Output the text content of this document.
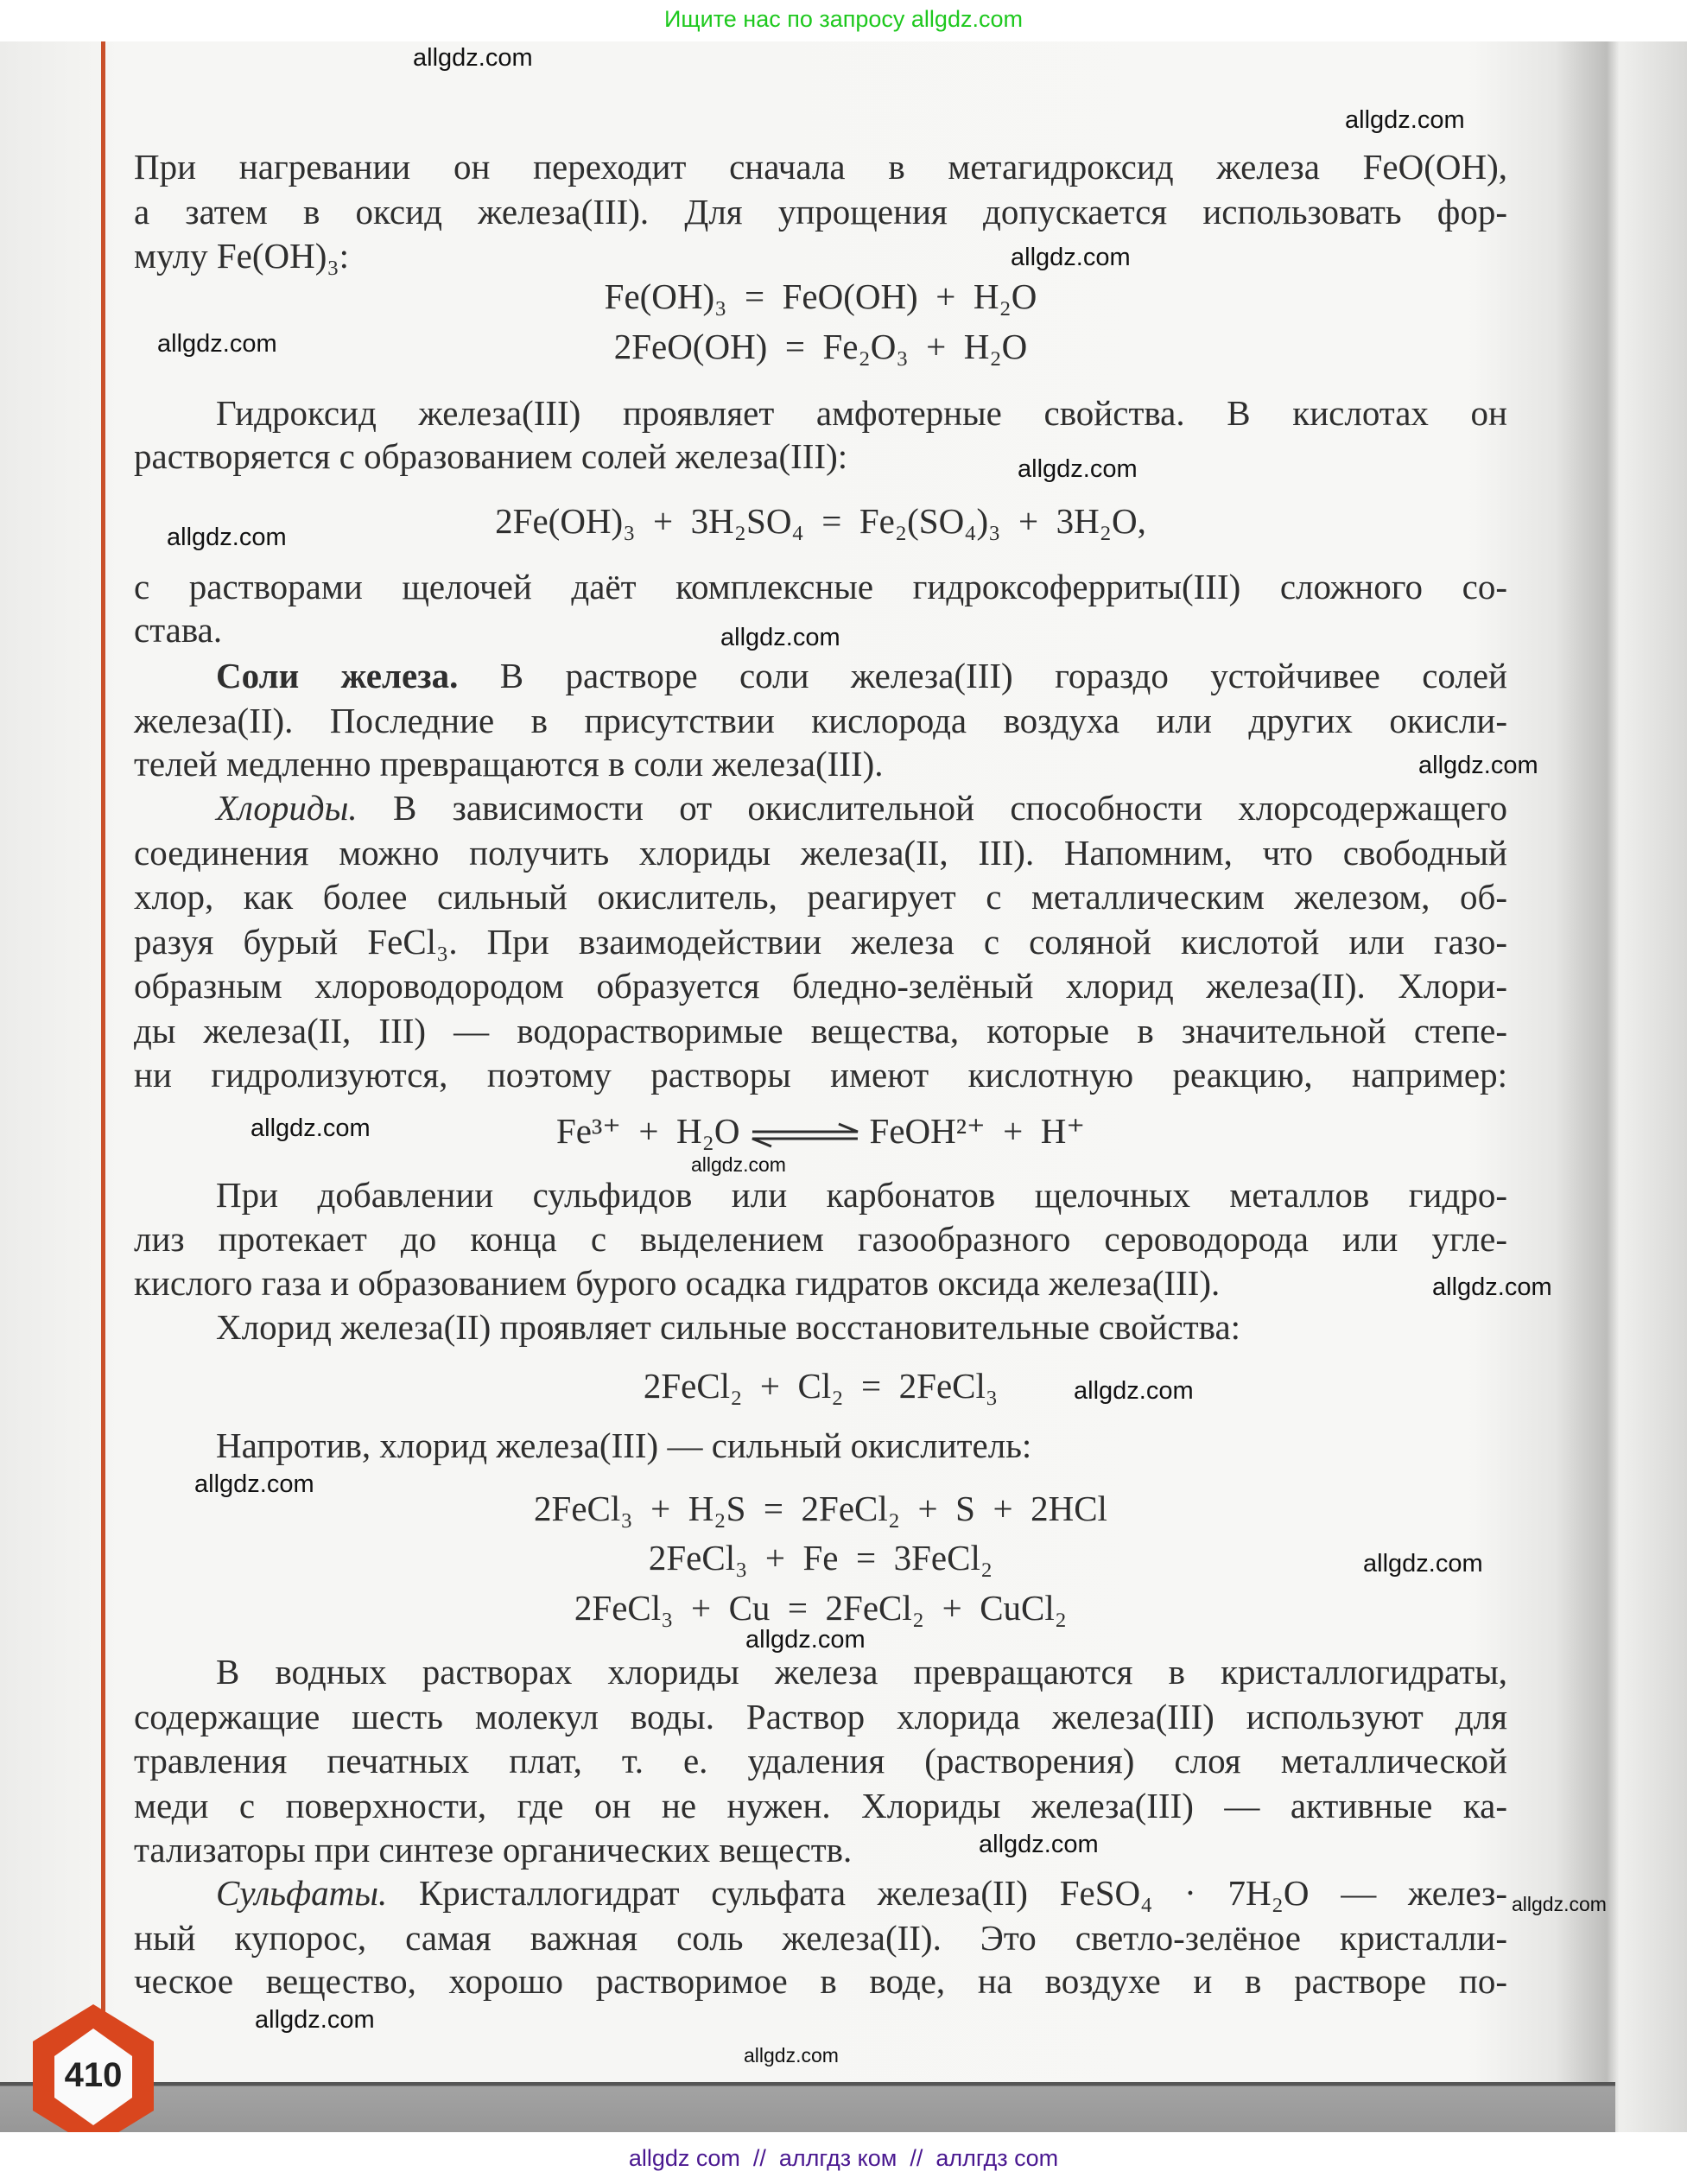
Ищите нас по запросу allgdz.com
При нагревании он переходит сначала в метагидроксид железа FeO(OH),
а затем в оксид железа(III). Для упрощения допускается использовать фор-
мулу Fe(OH)₃:
Fe(OH)₃  =  FeO(OH)  +  H₂O
2FeO(OH)  =  Fe₂O₃  +  H₂O
Гидроксид железа(III) проявляет амфотерные свойства. В кислотах он
растворяется с образованием солей железа(III):
2Fe(OH)₃  +  3H₂SO₄  =  Fe₂(SO₄)₃  +  3H₂O,
с растворами щелочей даёт комплексные гидроксоферриты(III) сложного со-
става.
Соли железа. В растворе соли железа(III) гораздо устойчивее солей
железа(II). Последние в присутствии кислорода воздуха или других окисли-
телей медленно превращаются в соли железа(III).
Хлориды. В зависимости от окислительной способности хлорсодержащего
соединения можно получить хлориды железа(II, III). Напомним, что свободный
хлор, как более сильный окислитель, реагирует с металлическим железом, об-
разуя бурый FeCl₃. При взаимодействии железа с соляной кислотой или газо-
образным хлороводородом образуется бледно-зелёный хлорид железа(II). Хлори-
ды железа(II, III) — водорастворимые вещества, которые в значительной степе-
ни гидролизуются, поэтому растворы имеют кислотную реакцию, например:
Fe³⁺  +  H₂O ⇌ FeOH²⁺  +  H⁺
При добавлении сульфидов или карбонатов щелочных металлов гидро-
лиз протекает до конца с выделением газообразного сероводорода или угле-
кислого газа и образованием бурого осадка гидратов оксида железа(III).
Хлорид железа(II) проявляет сильные восстановительные свойства:
2FeCl₂  +  Cl₂  =  2FeCl₃
Напротив, хлорид железа(III) — сильный окислитель:
2FeCl₃  +  H₂S  =  2FeCl₂  +  S  +  2HCl
2FeCl₃  +  Fe  =  3FeCl₂
2FeCl₃  +  Cu  =  2FeCl₂  +  CuCl₂
В водных растворах хлориды железа превращаются в кристаллогидраты,
содержащие шесть молекул воды. Раствор хлорида железа(III) используют для
травления печатных плат, т. е. удаления (растворения) слоя металлической
меди с поверхности, где он не нужен. Хлориды железа(III) — активные ка-
тализаторы при синтезе органических веществ.
Сульфаты. Кристаллогидрат сульфата железа(II) FeSO₄ · 7H₂O — желез-
ный купорос, самая важная соль железа(II). Это светло-зелёное кристалли-
ческое вещество, хорошо растворимое в воде, на воздухе и в растворе по-
allgdz.com
allgdz.com
allgdz.com
allgdz.com
allgdz.com
allgdz.com
allgdz.com
allgdz.com
allgdz.com
allgdz.com
allgdz.com
allgdz.com
allgdz.com
allgdz.com
allgdz.com
allgdz.com
allgdz.com
allgdz.com
allgdz.com
410
allgdz com  //  аллгдз ком  //  аллгдз com
